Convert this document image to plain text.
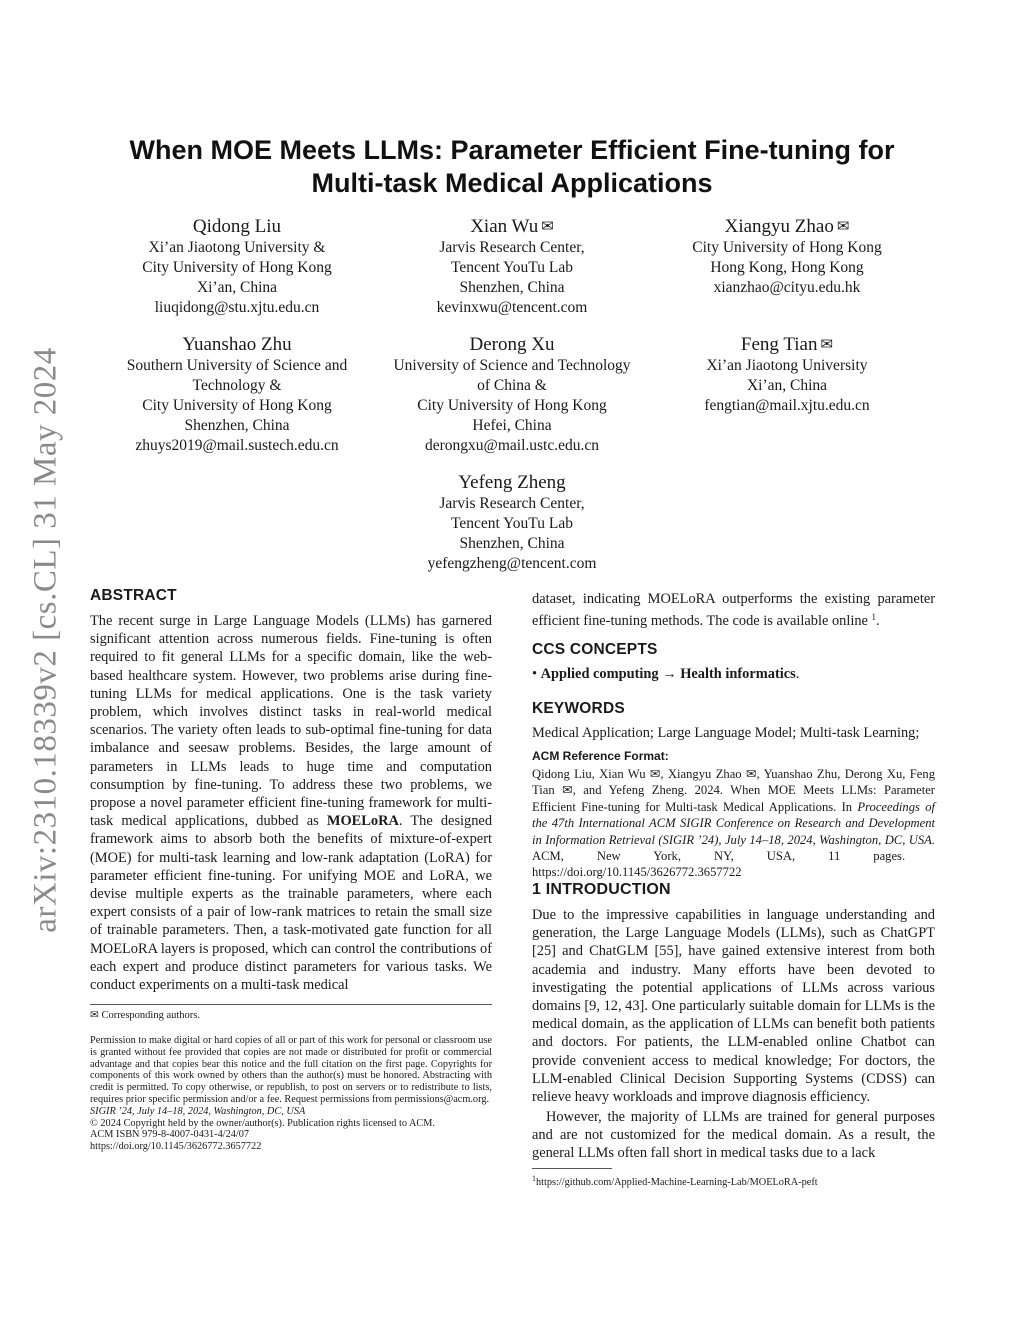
arXiv:2310.18339v2 [cs.CL] 31 May 2024
When MOE Meets LLMs: Parameter Efficient Fine-tuning for
Multi-task Medical Applications
Qidong Liu
Xi’an Jiaotong University &
City University of Hong Kong
Xi’an, China
liuqidong@stu.xjtu.edu.cn
Xian Wu ✉
Jarvis Research Center,
Tencent YouTu Lab
Shenzhen, China
kevinxwu@tencent.com
Xiangyu Zhao ✉
City University of Hong Kong
Hong Kong, Hong Kong
xianzhao@cityu.edu.hk
Yuanshao Zhu
Southern University of Science and
Technology &
City University of Hong Kong
Shenzhen, China
zhuys2019@mail.sustech.edu.cn
Derong Xu
University of Science and Technology
of China &
City University of Hong Kong
Hefei, China
derongxu@mail.ustc.edu.cn
Feng Tian ✉
Xi’an Jiaotong University
Xi’an, China
fengtian@mail.xjtu.edu.cn
Yefeng Zheng
Jarvis Research Center,
Tencent YouTu Lab
Shenzhen, China
yefengzheng@tencent.com
ABSTRACT
The recent surge in Large Language Models (LLMs) has garnered significant attention across numerous fields. Fine-tuning is often required to fit general LLMs for a specific domain, like the web-based healthcare system. However, two problems arise during fine-tuning LLMs for medical applications. One is the task variety problem, which involves distinct tasks in real-world medical scenarios. The variety often leads to sub-optimal fine-tuning for data imbalance and seesaw problems. Besides, the large amount of parameters in LLMs leads to huge time and computation consumption by fine-tuning. To address these two problems, we propose a novel parameter efficient fine-tuning framework for multi-task medical applications, dubbed as MOELoRA. The designed framework aims to absorb both the benefits of mixture-of-expert (MOE) for multi-task learning and low-rank adaptation (LoRA) for parameter efficient fine-tuning. For unifying MOE and LoRA, we devise multiple experts as the trainable parameters, where each expert consists of a pair of low-rank matrices to retain the small size of trainable parameters. Then, a task-motivated gate function for all MOELoRA layers is proposed, which can control the contributions of each expert and produce distinct parameters for various tasks. We conduct experiments on a multi-task medical
✉ Corresponding authors.
Permission to make digital or hard copies of all or part of this work for personal or classroom use is granted without fee provided that copies are not made or distributed for profit or commercial advantage and that copies bear this notice and the full citation on the first page. Copyrights for components of this work owned by others than the author(s) must be honored. Abstracting with credit is permitted. To copy otherwise, or republish, to post on servers or to redistribute to lists, requires prior specific permission and/or a fee. Request permissions from permissions@acm.org.
SIGIR ’24, July 14–18, 2024, Washington, DC, USA
© 2024 Copyright held by the owner/author(s). Publication rights licensed to ACM.
ACM ISBN 979-8-4007-0431-4/24/07
https://doi.org/10.1145/3626772.3657722
dataset, indicating MOELoRA outperforms the existing parameter efficient fine-tuning methods. The code is available online $^1$.
CCS CONCEPTS
• Applied computing → Health informatics.
KEYWORDS
Medical Application; Large Language Model; Multi-task Learning;
ACM Reference Format:
Qidong Liu, Xian Wu ✉, Xiangyu Zhao ✉, Yuanshao Zhu, Derong Xu, Feng Tian ✉, and Yefeng Zheng. 2024. When MOE Meets LLMs: Parameter Efficient Fine-tuning for Multi-task Medical Applications. In Proceedings of the 47th International ACM SIGIR Conference on Research and Development in Information Retrieval (SIGIR ’24), July 14–18, 2024, Washington, DC, USA. ACM, New York, NY, USA, 11 pages. https://doi.org/10.1145/3626772.3657722
1 INTRODUCTION
Due to the impressive capabilities in language understanding and generation, the Large Language Models (LLMs), such as ChatGPT [25] and ChatGLM [55], have gained extensive interest from both academia and industry. Many efforts have been devoted to investigating the potential applications of LLMs across various domains [9, 12, 43]. One particularly suitable domain for LLMs is the medical domain, as the application of LLMs can benefit both patients and doctors. For patients, the LLM-enabled online Chatbot can provide convenient access to medical knowledge; For doctors, the LLM-enabled Clinical Decision Supporting Systems (CDSS) can relieve heavy workloads and improve diagnosis efficiency.
However, the majority of LLMs are trained for general purposes and are not customized for the medical domain. As a result, the general LLMs often fall short in medical tasks due to a lack
$^1$https://github.com/Applied-Machine-Learning-Lab/MOELoRA-peft
